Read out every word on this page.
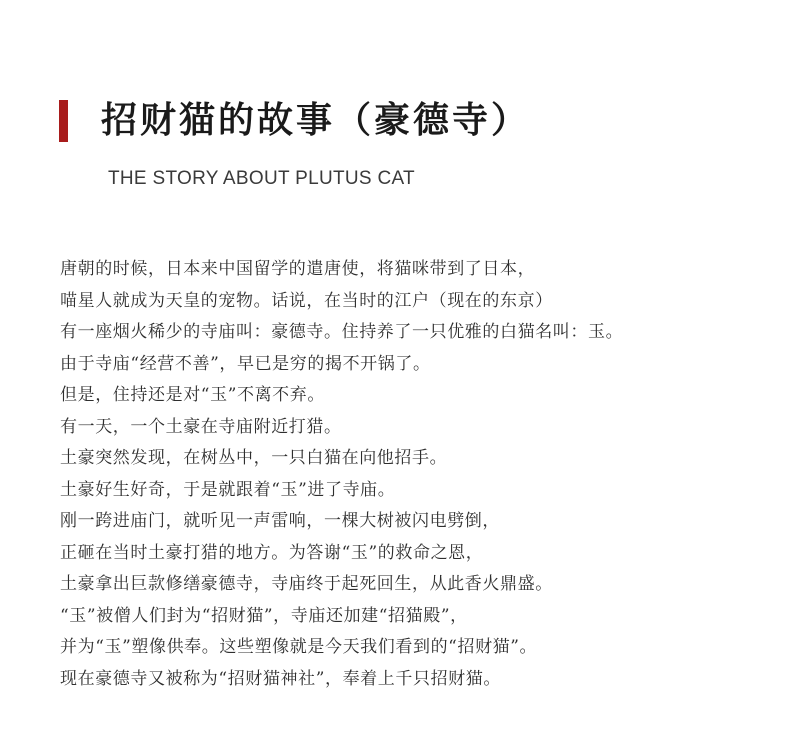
招财猫的故事（豪德寺）

THE STORY ABOUT PLUTUS CAT

唐朝的时候，日本来中国留学的遣唐使，将猫咪带到了日本，
喵星人就成为天皇的宠物。话说，在当时的江户（现在的东京）
有一座烟火稀少的寺庙叫：豪德寺。住持养了一只优雅的白猫名叫：玉。
由于寺庙“经营不善”，早已是穷的揭不开锅了。
但是，住持还是对“玉”不离不弃。
有一天，一个土豪在寺庙附近打猎。
土豪突然发现，在树丛中，一只白猫在向他招手。
土豪好生好奇，于是就跟着“玉”进了寺庙。
刚一跨进庙门，就听见一声雷响，一棵大树被闪电劈倒，
正砸在当时土豪打猎的地方。为答谢“玉”的救命之恩，
土豪拿出巨款修缮豪德寺，寺庙终于起死回生，从此香火鼎盛。
“玉”被僧人们封为“招财猫”，寺庙还加建“招猫殿”，
并为“玉”塑像供奉。这些塑像就是今天我们看到的“招财猫”。
现在豪德寺又被称为“招财猫神社”，奉着上千只招财猫。
